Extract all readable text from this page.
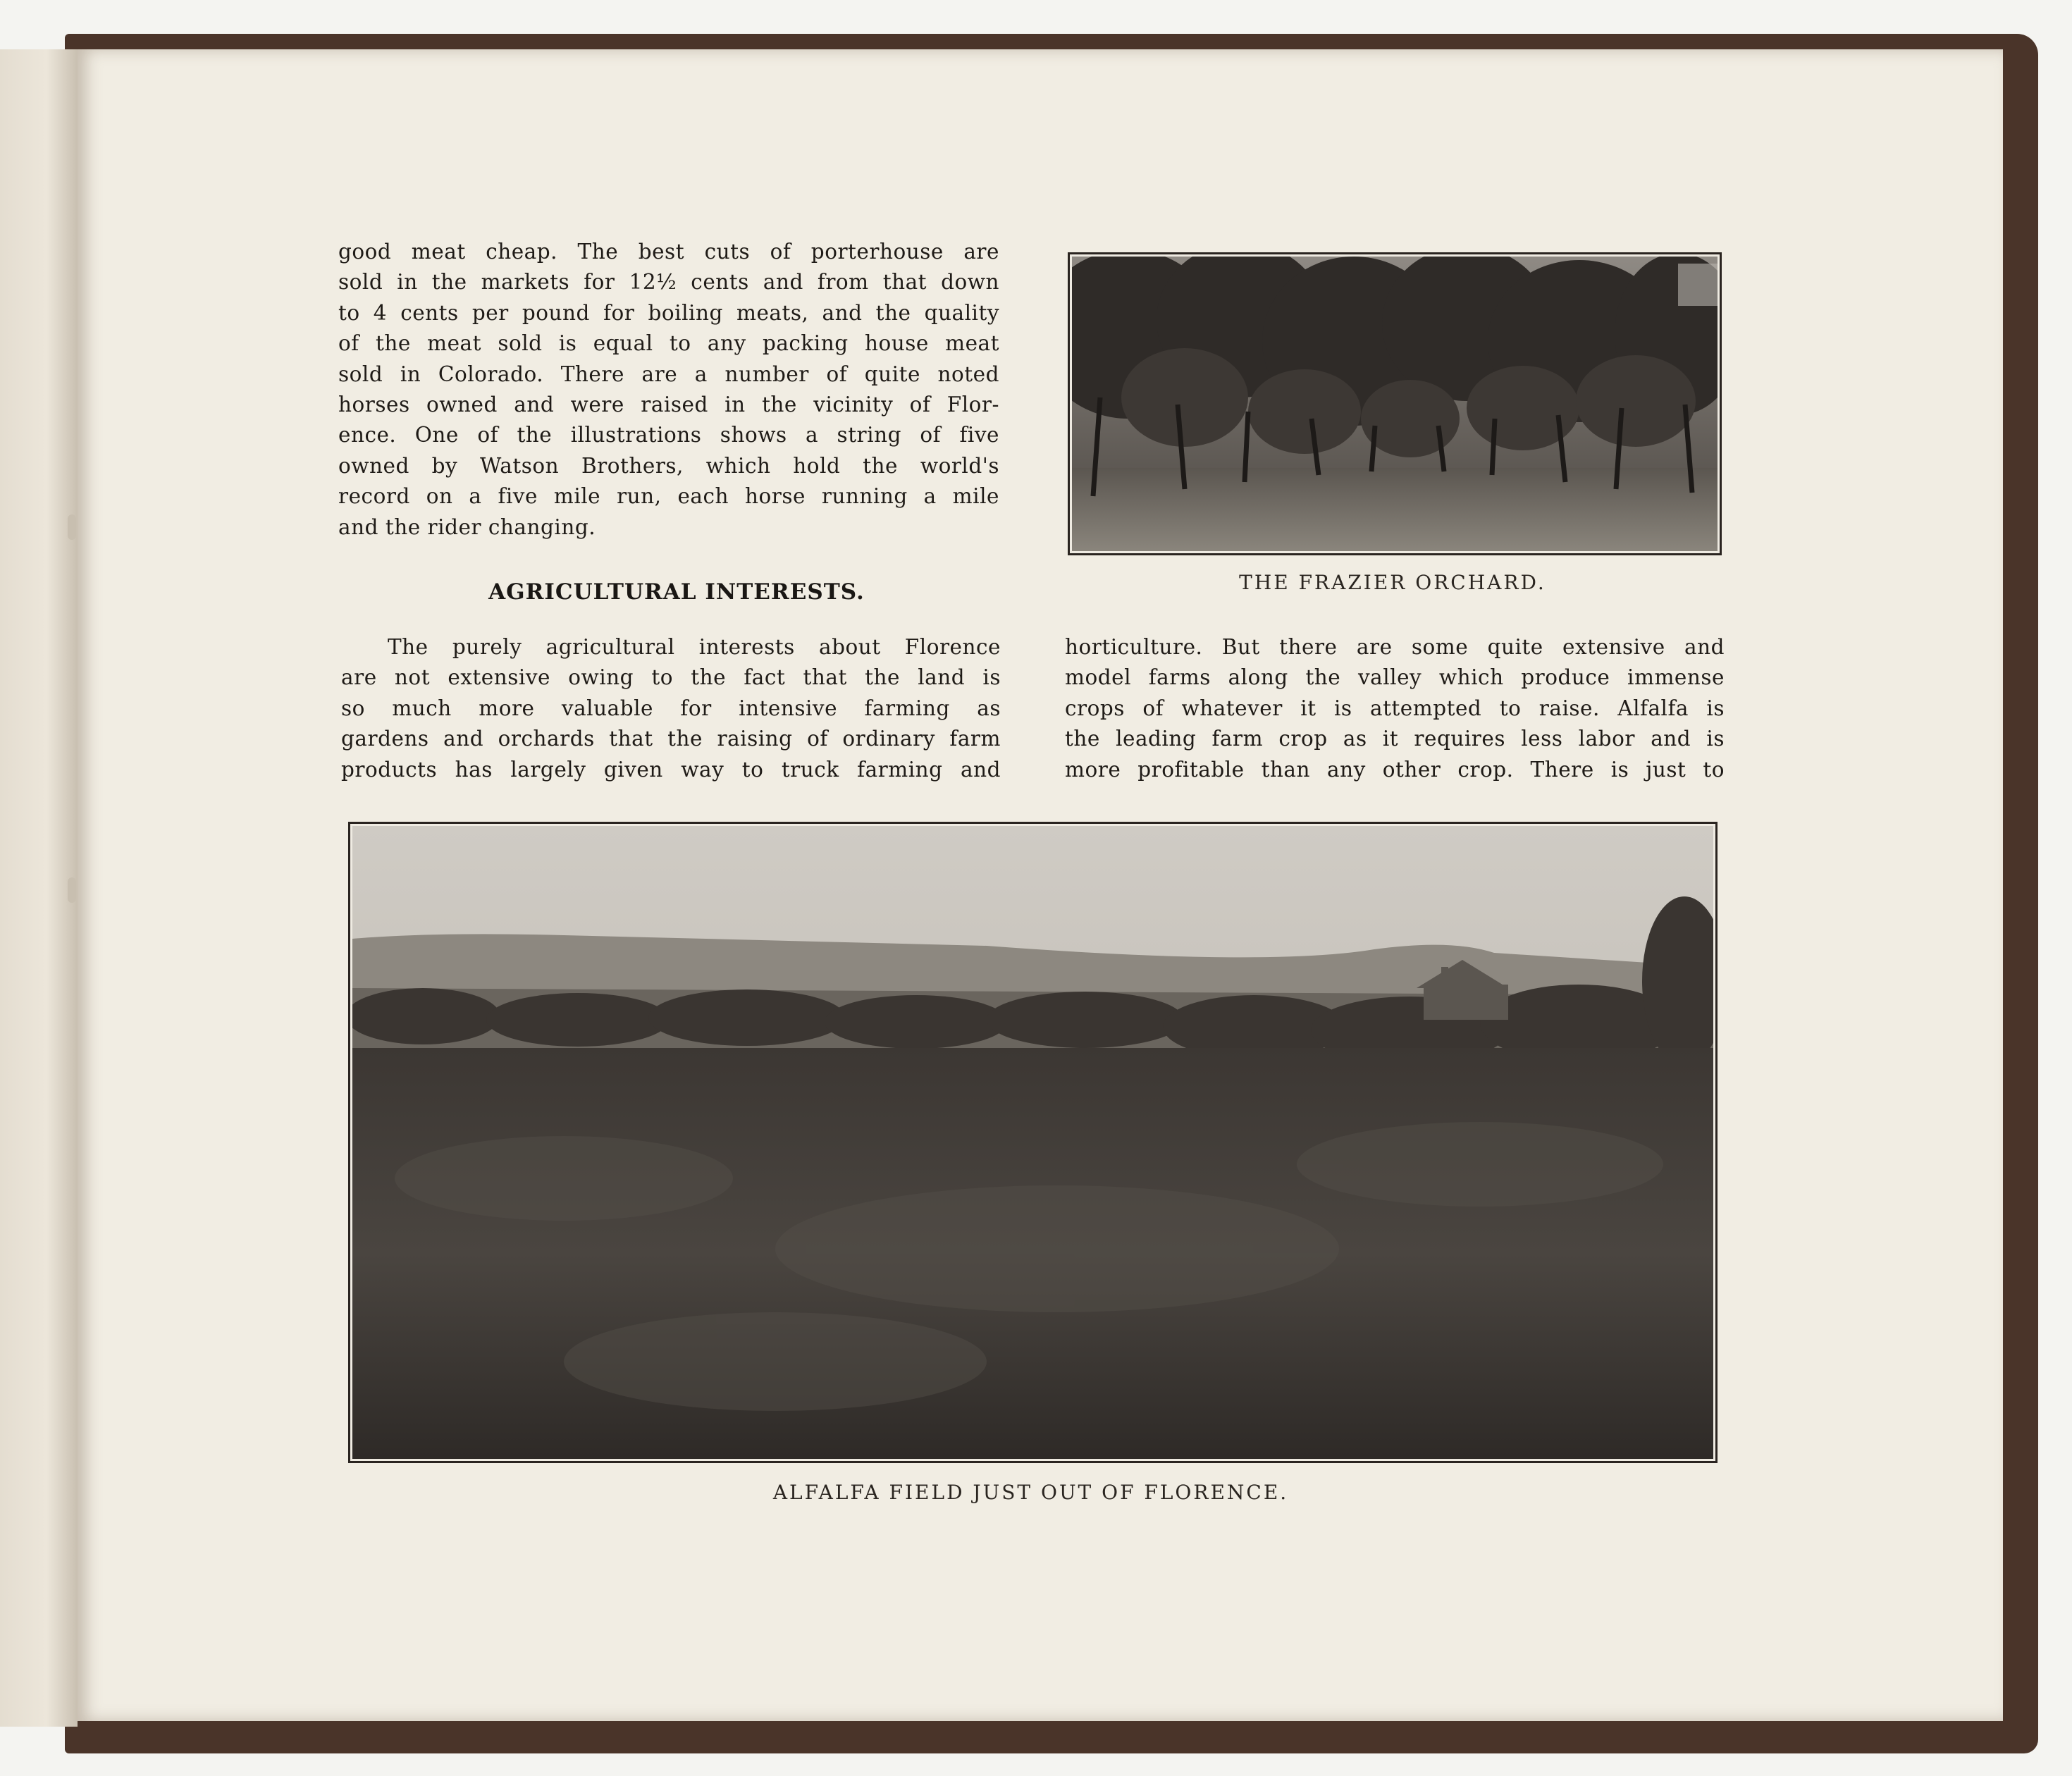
good meat cheap. The best cuts of porterhouse are
sold in the markets for 12½ cents and from that down
to 4 cents per pound for boiling meats, and the quality
of the meat sold is equal to any packing house meat
sold in Colorado. There are a number of quite noted
horses owned and were raised in the vicinity of Flor-
ence. One of the illustrations shows a string of five
owned by Watson Brothers, which hold the world's
record on a five mile run, each horse running a mile
and the rider changing.
THE FRAZIER ORCHARD.
AGRICULTURAL INTERESTS.
The purely agricultural interests about Florence
are not extensive owing to the fact that the land is
so much more valuable for intensive farming as
gardens and orchards that the raising of ordinary farm
products has largely given way to truck farming and
horticulture. But there are some quite extensive and
model farms along the valley which produce immense
crops of whatever it is attempted to raise. Alfalfa is
the leading farm crop as it requires less labor and is
more profitable than any other crop. There is just to
ALFALFA FIELD JUST OUT OF FLORENCE.
